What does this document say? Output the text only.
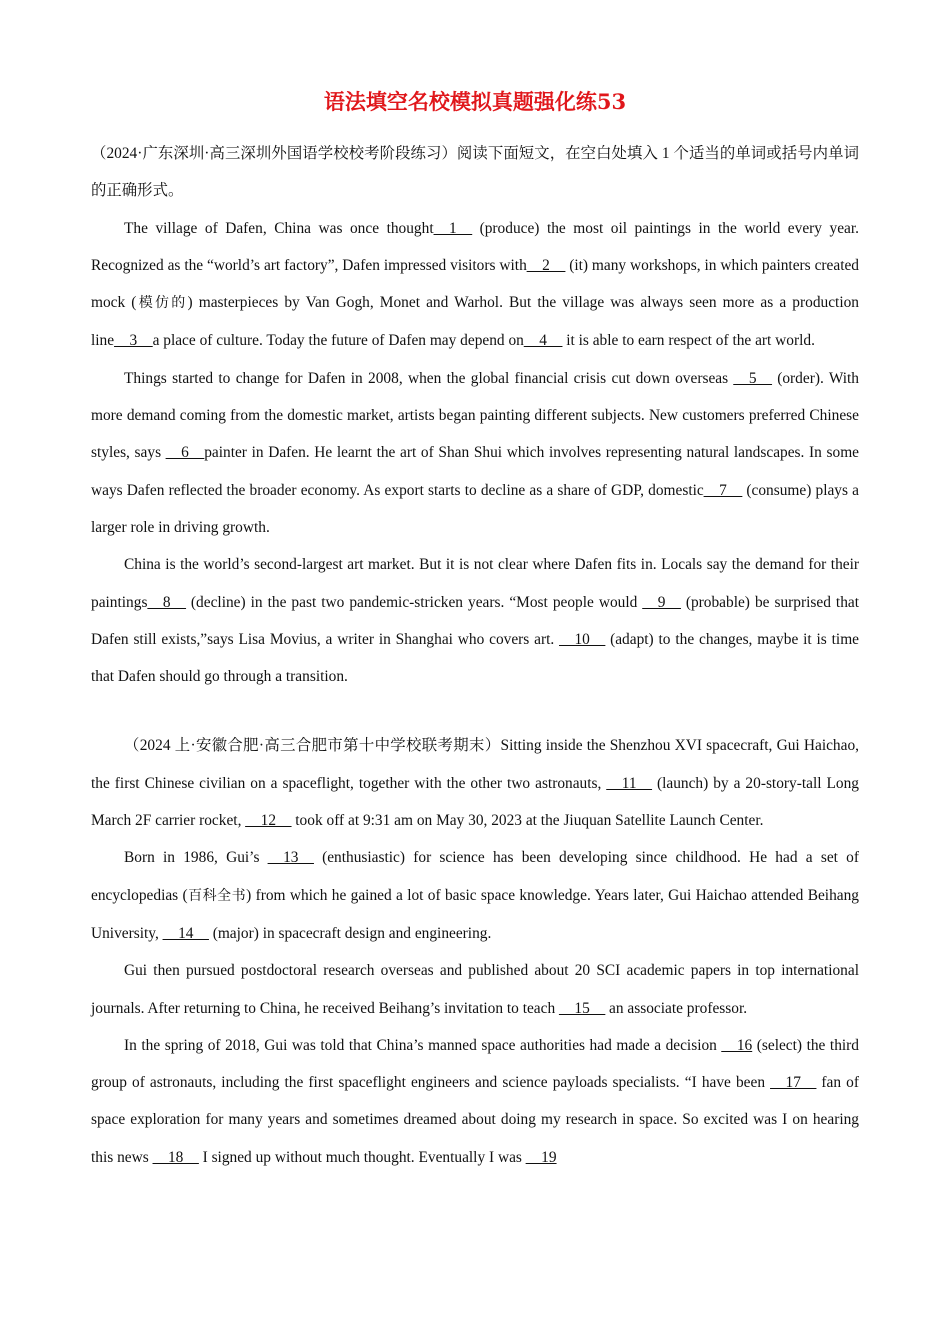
语法填空名校模拟真题强化练53

（2024·广东深圳·高三深圳外国语学校校考阶段练习）阅读下面短文，在空白处填入 1 个适当的单词或括号内单词的正确形式。

The village of Dafen, China was once thought__1__ (produce) the most oil paintings in the world every year. Recognized as the “world’s art factory”, Dafen impressed visitors with__2__ (it) many workshops, in which painters created mock (模仿的) masterpieces by Van Gogh, Monet and Warhol. But the village was always seen more as a production line__3__a place of culture. Today the future of Dafen may depend on__4__ it is able to earn respect of the art world.

Things started to change for Dafen in 2008, when the global financial crisis cut down overseas __5__ (order). With more demand coming from the domestic market, artists began painting different subjects. New customers preferred Chinese styles, says __6__painter in Dafen. He learnt the art of Shan Shui which involves representing natural landscapes. In some ways Dafen reflected the broader economy. As export starts to decline as a share of GDP, domestic__7__ (consume) plays a larger role in driving growth.

China is the world’s second-largest art market. But it is not clear where Dafen fits in. Locals say the demand for their paintings__8__ (decline) in the past two pandemic-stricken years. “Most people would __9__ (probable) be surprised that Dafen still exists,”says Lisa Movius, a writer in Shanghai who covers art. __10__ (adapt) to the changes, maybe it is time that Dafen should go through a transition.

（2024 上·安徽合肥·高三合肥市第十中学校联考期末）Sitting inside the Shenzhou XVI spacecraft, Gui Haichao, the first Chinese civilian on a spaceflight, together with the other two astronauts, __11__ (launch) by a 20-story-tall Long March 2F carrier rocket, __12__ took off at 9:31 am on May 30, 2023 at the Jiuquan Satellite Launch Center.

Born in 1986, Gui’s __13__ (enthusiastic) for science has been developing since childhood. He had a set of encyclopedias (百科全书) from which he gained a lot of basic space knowledge. Years later, Gui Haichao attended Beihang University, __14__ (major) in spacecraft design and engineering.

Gui then pursued postdoctoral research overseas and published about 20 SCI academic papers in top international journals. After returning to China, he received Beihang’s invitation to teach __15__ an associate professor.

In the spring of 2018, Gui was told that China’s manned space authorities had made a decision __16 (select) the third group of astronauts, including the first spaceflight engineers and science payloads specialists. “I have been __17__ fan of space exploration for many years and sometimes dreamed about doing my research in space. So excited was I on hearing this news __18__ I signed up without much thought. Eventually I was __19
